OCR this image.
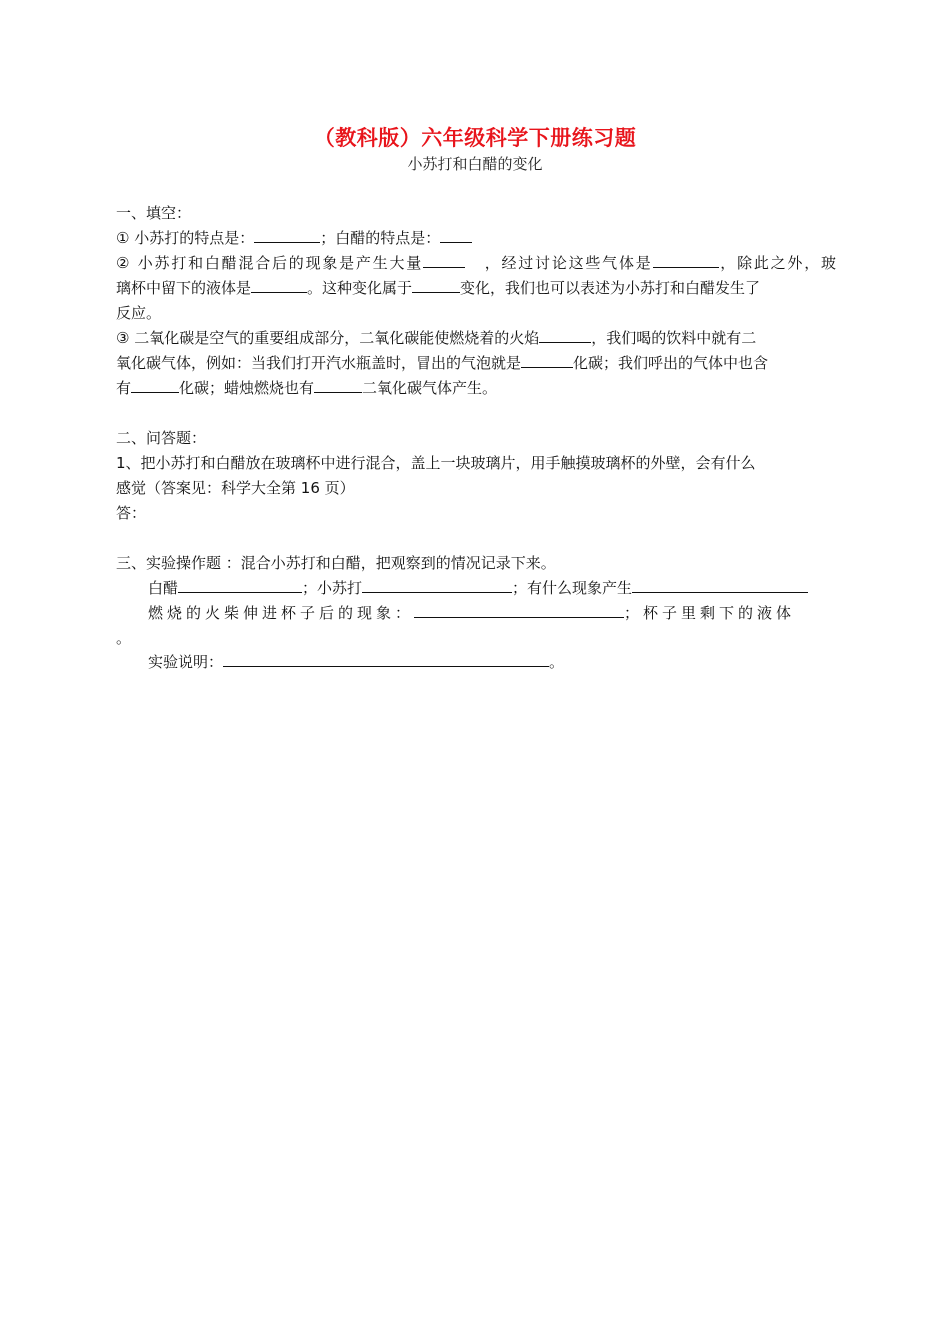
（教科版）六年级科学下册练习题
小苏打和白醋的变化
一、填空：
① 小苏打的特点是：	；白醋的特点是：
② 小苏打和白醋混合后的现象是产生大量	，经过讨论这些气体是	，除此之外，玻
璃杯中留下的液体是	。这种变化属于	变化，我们也可以表述为小苏打和白醋发生了
反应。
③ 二氧化碳是空气的重要组成部分，二氧化碳能使燃烧着的火焰	，我们喝的饮料中就有二
氧化碳气体，例如：当我们打开汽水瓶盖时，冒出的气泡就是	化碳；我们呼出的气体中也含
有	化碳；蜡烛燃烧也有	二氧化碳气体产生。
二、问答题：
1、把小苏打和白醋放在玻璃杯中进行混合，盖上一块玻璃片，用手触摸玻璃杯的外壁，会有什么
感觉（答案见：科学大全第 16 页）
答：
三、实验操作题 ：混合小苏打和白醋，把观察到的情况记录下来。
白醋	；小苏打	；有什么现象产生
燃烧的火柴伸进杯子后的现象：	；杯子里剩下的液体
。
实验说明：	。
